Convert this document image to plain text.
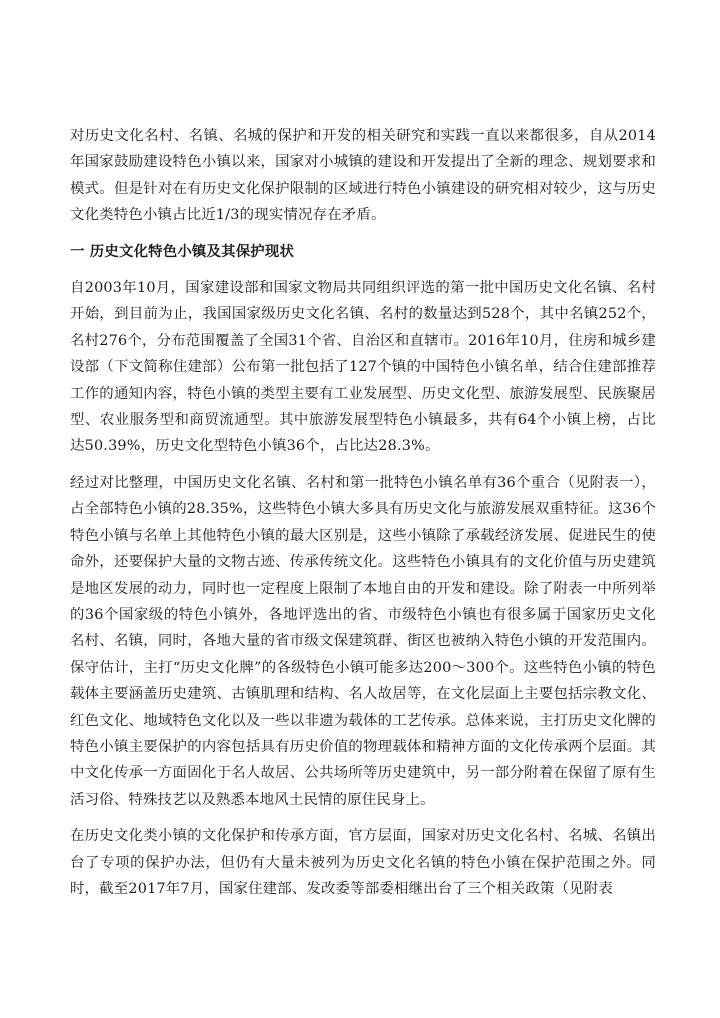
对历史文化名村、名镇、名城的保护和开发的相关研究和实践一直以来都很多，自从2014年国家鼓励建设特色小镇以来，国家对小城镇的建设和开发提出了全新的理念、规划要求和模式。但是针对在有历史文化保护限制的区域进行特色小镇建设的研究相对较少，这与历史文化类特色小镇占比近1/3的现实情况存在矛盾。

一 历史文化特色小镇及其保护现状

自2003年10月，国家建设部和国家文物局共同组织评选的第一批中国历史文化名镇、名村开始，到目前为止，我国国家级历史文化名镇、名村的数量达到528个，其中名镇252个，名村276个，分布范围覆盖了全国31个省、自治区和直辖市。2016年10月，住房和城乡建设部（下文简称住建部）公布第一批包括了127个镇的中国特色小镇名单，结合住建部推荐工作的通知内容，特色小镇的类型主要有工业发展型、历史文化型、旅游发展型、民族聚居型、农业服务型和商贸流通型。其中旅游发展型特色小镇最多，共有64个小镇上榜，占比达50.39%，历史文化型特色小镇36个，占比达28.3%。

经过对比整理，中国历史文化名镇、名村和第一批特色小镇名单有36个重合（见附表一），占全部特色小镇的28.35%，这些特色小镇大多具有历史文化与旅游发展双重特征。这36个特色小镇与名单上其他特色小镇的最大区别是，这些小镇除了承载经济发展、促进民生的使命外，还要保护大量的文物古迹、传承传统文化。这些特色小镇具有的文化价值与历史建筑是地区发展的动力，同时也一定程度上限制了本地自由的开发和建设。除了附表一中所列举的36个国家级的特色小镇外，各地评选出的省、市级特色小镇也有很多属于国家历史文化名村、名镇，同时，各地大量的省市级文保建筑群、街区也被纳入特色小镇的开发范围内。保守估计，主打“历史文化牌”的各级特色小镇可能多达200～300个。这些特色小镇的特色载体主要涵盖历史建筑、古镇肌理和结构、名人故居等，在文化层面上主要包括宗教文化、红色文化、地域特色文化以及一些以非遗为载体的工艺传承。总体来说，主打历史文化牌的特色小镇主要保护的内容包括具有历史价值的物理载体和精神方面的文化传承两个层面。其中文化传承一方面固化于名人故居、公共场所等历史建筑中，另一部分附着在保留了原有生活习俗、特殊技艺以及熟悉本地风土民情的原住民身上。

在历史文化类小镇的文化保护和传承方面，官方层面，国家对历史文化名村、名城、名镇出台了专项的保护办法，但仍有大量未被列为历史文化名镇的特色小镇在保护范围之外。同时，截至2017年7月，国家住建部、发改委等部委相继出台了三个相关政策（见附表
